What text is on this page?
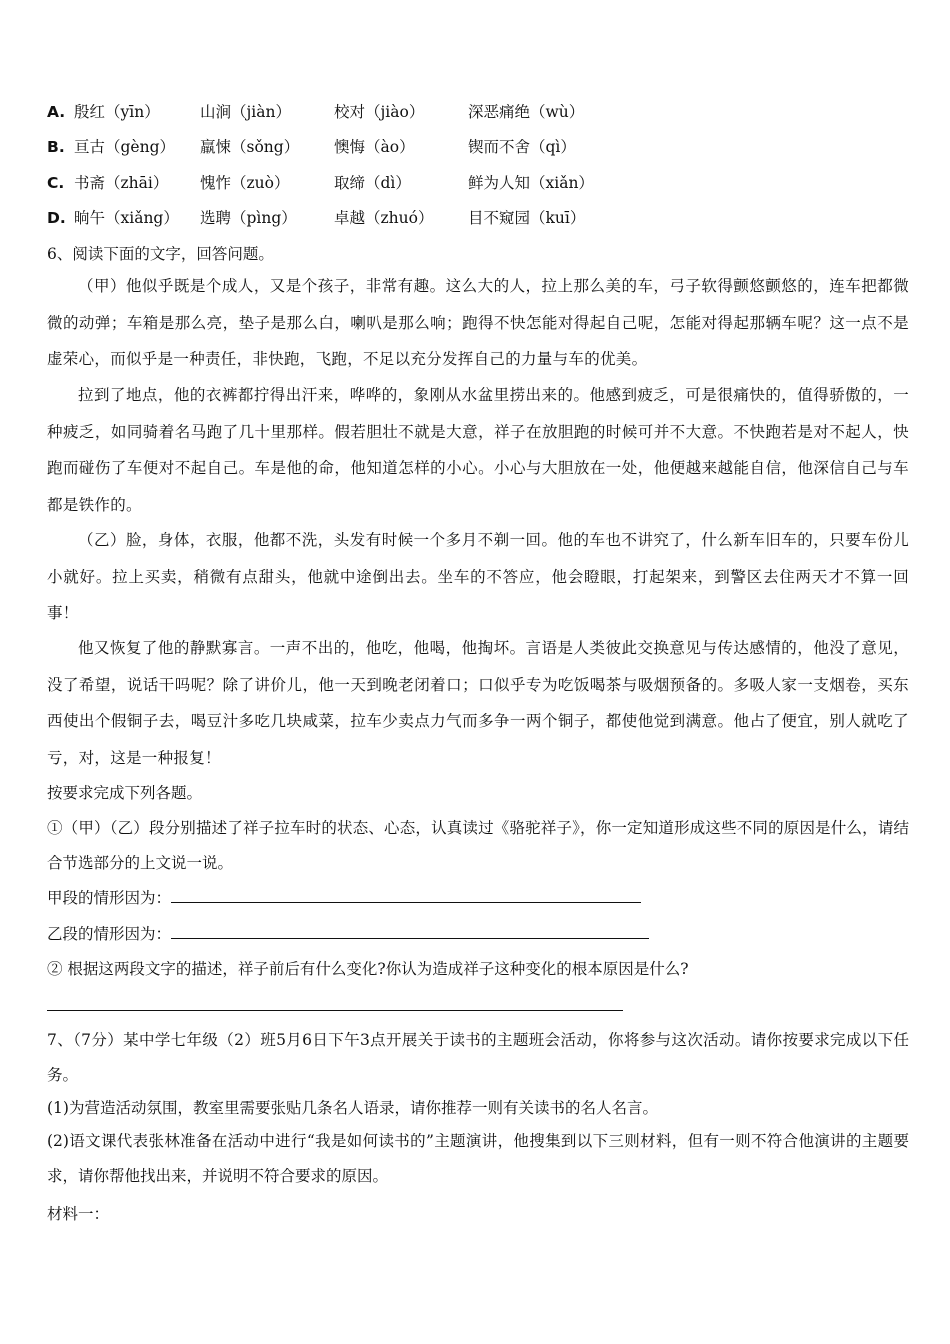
A. 殷红（yīn）	山涧（jiàn）	校对（jiào）	深恶痛绝（wù）
B. 亘古（gèng） 羸悚（sǒng） 懊悔（ào）	锲而不舍（qì）
C. 书斋（zhāi） 愧怍（zuò）	取缔（dì）	鲜为人知（xiǎn）
D. 晌午（xiǎng） 选聘（pìng） 卓越（zhuó） 目不窥园（kuī）
6、阅读下面的文字，回答问题。
（甲）他似乎既是个成人，又是个孩子，非常有趣。这么大的人，拉上那么美的车，弓子软得颤悠颤悠的，连车把都微微的动弹；车箱是那么亮，垫子是那么白，喇叭是那么响；跑得不快怎能对得起自己呢，怎能对得起那辆车呢？这一点不是虚荣心，而似乎是一种责任，非快跑，飞跑，不足以充分发挥自己的力量与车的优美。
拉到了地点，他的衣裤都拧得出汗来，哗哗的，象刚从水盆里捞出来的。他感到疲乏，可是很痛快的，值得骄傲的，一种疲乏，如同骑着名马跑了几十里那样。假若胆壮不就是大意，祥子在放胆跑的时候可并不大意。不快跑若是对不起人，快跑而碰伤了车便对不起自己。车是他的命，他知道怎样的小心。小心与大胆放在一处，他便越来越能自信，他深信自己与车都是铁作的。
（乙）脸，身体，衣服，他都不洗，头发有时候一个多月不剃一回。他的车也不讲究了，什么新车旧车的，只要车份儿小就好。拉上买卖，稍微有点甜头，他就中途倒出去。坐车的不答应，他会瞪眼，打起架来，到警区去住两天才不算一回事！
他又恢复了他的静默寡言。一声不出的，他吃，他喝，他掏坏。言语是人类彼此交换意见与传达感情的，他没了意见，没了希望，说话干吗呢？除了讲价儿，他一天到晚老闭着口；口似乎专为吃饭喝茶与吸烟预备的。多吸人家一支烟卷，买东西使出个假铜子去，喝豆汁多吃几块咸菜，拉车少卖点力气而多争一两个铜子，都使他觉到满意。他占了便宜，别人就吃了亏，对，这是一种报复！
按要求完成下列各题。
①（甲）（乙）段分别描述了祥子拉车时的状态、心态，认真读过《骆驼祥子》，你一定知道形成这些不同的原因是什么，请结合节选部分的上文说一说。
甲段的情形因为：
乙段的情形因为：
② 根据这两段文字的描述，祥子前后有什么变化?你认为造成祥子这种变化的根本原因是什么?
7、（7分）某中学七年级（2）班5月6日下午3点开展关于读书的主题班会活动，你将参与这次活动。请你按要求完成以下任务。
(1)为营造活动氛围，教室里需要张贴几条名人语录，请你推荐一则有关读书的名人名言。
(2)语文课代表张林准备在活动中进行“我是如何读书的”主题演讲，他搜集到以下三则材料，但有一则不符合他演讲的主题要求，请你帮他找出来，并说明不符合要求的原因。
材料一：
